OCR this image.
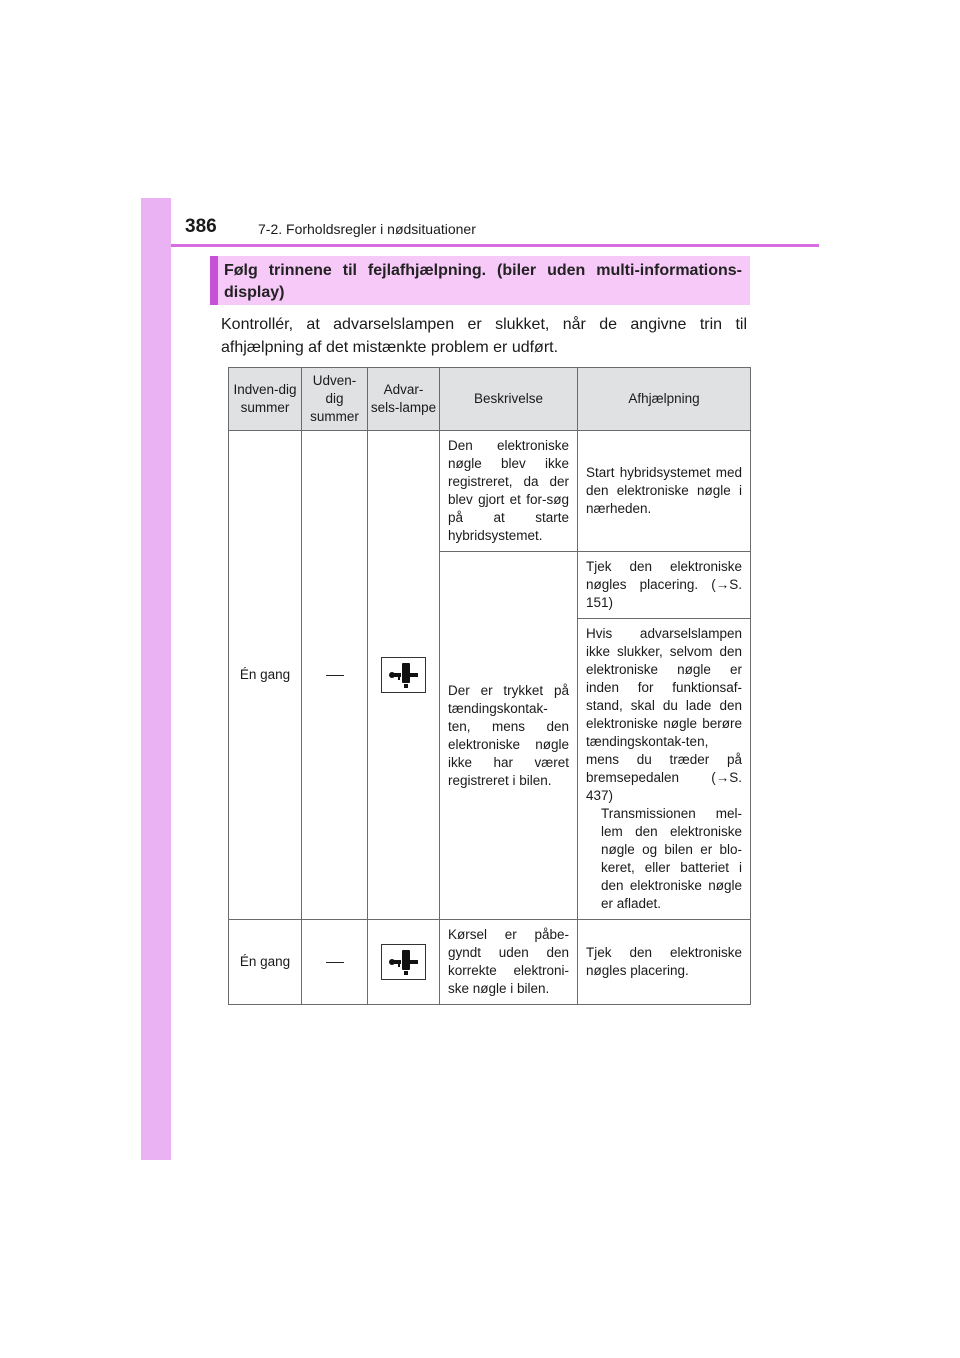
386	7-2. Forholdsregler i nødsituationer
Følg trinnene til fejlafhjælpning. (biler uden multi-informations-display)
Kontrollér, at advarselslampen er slukket, når de angivne trin til afhjælpning af det mistænkte problem er udført.
Indven-dig summer	Udven-dig summer	Advar-sels-lampe	Beskrivelse	Afhjælpning
Én gang			Den elektroniske nøgle blev ikke registreret, da der blev gjort et for-søg på at starte hybridsystemet.	Start hybridsystemet med den elektroniske nøgle i nærheden.
			Der er trykket på tændingskontak-ten, mens den elektroniske nøgle ikke har været registreret i bilen.	Tjek den elektroniske nøgles placering. (→S. 151)

				Hvis advarselslampen ikke slukker, selvom den elektroniske nøgle er inden for funktionsaf-stand, skal du lade den elektroniske nøgle berøre tændingskontak-ten, mens du træder på bremsepedalen (→S. 437)
Transmissionen mel-lem den elektroniske nøgle og bilen er blo-keret, eller batteriet i den elektroniske nøgle er afladet.

Én gang			Kørsel er påbe-gyndt uden den korrekte elektroni-ske nøgle i bilen.	Tjek den elektroniske nøgles placering.
